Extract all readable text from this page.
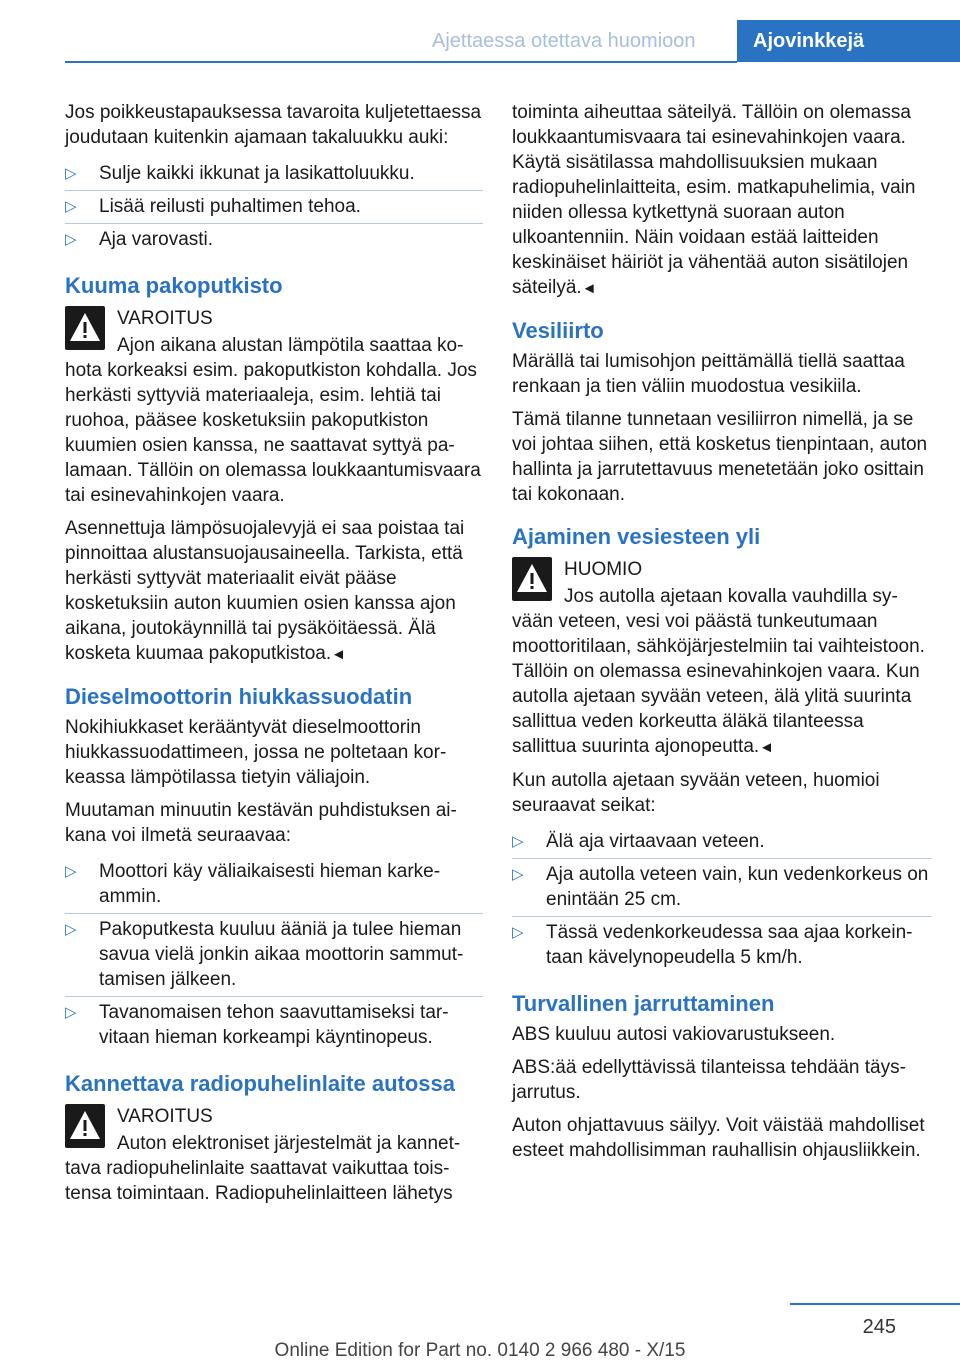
Ajettaessa otettava huomioon	Ajovinkkejä

Jos poikkeustapauksessa tavaroita kuljetettaessa joudutaan kuitenkin ajamaan takaluukku auki:

▷ Sulje kaikki ikkunat ja lasikattoluukku.
▷ Lisää reilusti puhaltimen tehoa.
▷ Aja varovasti.
Kuuma pakoputkisto
VAROITUS

Ajon aikana alustan lämpötila saattaa kohota korkeaksi esim. pakoputkiston kohdalla. Jos herkästi syttyviä materiaaleja, esim. lehtiä tai ruohoa, pääsee kosketuksiin pakoputkiston kuumien osien kanssa, ne saattavat syttyä palamaan. Tällöin on olemassa loukkaantumisvaara tai esinevahinkojen vaara.

Asennettuja lämpösuojalevyjä ei saa poistaa tai pinnoittaa alustansuojausaineella. Tarkista, että herkästi syttyvät materiaalit eivät pääse kosketuksiin auton kuumien osien kanssa ajon aikana, joutokäynnillä tai pysäköitäessä. Älä kosketa kuumaa pakoputkistoa.◄

Dieselmoottorin hiukkassuodatin

Nokihiukkaset kerääntyvät dieselmoottorin hiukkassuodattimeen, jossa ne poltetaan korkeassa lämpötilassa tietyin väliajoin.

Muutaman minuutin kestävän puhdistuksen aikana voi ilmetä seuraavaa:

▷ Moottori käy väliaikaisesti hieman karkeammin.
▷ Pakoputkesta kuuluu ääniä ja tulee hieman savua vielä jonkin aikaa moottorin sammuttamisen jälkeen.
▷ Tavanomaisen tehon saavuttamiseksi tarvitaan hieman korkeampi käyntinopeus.
Kannettava radiopuhelinlaite autossa
VAROITUS

Auton elektroniset järjestelmät ja kannettava radiopuhelinlaite saattavat vaikuttaa toistensa toimintaan. Radiopuhelinlaitteen lähetys

toiminta aiheuttaa säteilyä. Tällöin on olemassa loukkaantumisvaara tai esinevahinkojen vaara. Käytä sisätilassa mahdollisuuksien mukaan radiopuhelinlaitteita, esim. matkapuhelimia, vain niiden ollessa kytkettynä suoraan auton ulkoantenniin. Näin voidaan estää laitteiden keskinäiset häiriöt ja vähentää auton sisätilojen säteilyä.◄

Vesiliirto

Märällä tai lumisohjon peittämällä tiellä saattaa renkaan ja tien väliin muodostua vesikiila.

Tämä tilanne tunnetaan vesiliirron nimellä, ja se voi johtaa siihen, että kosketus tienpintaan, auton hallinta ja jarrutettavuus menetetään joko osittain tai kokonaan.

Ajaminen vesiesteen yli
HUOMIO

Jos autolla ajetaan kovalla vauhdilla syvään veteen, vesi voi päästä tunkeutumaan moottoritilaan, sähköjärjestelmiin tai vaihteistoon. Tällöin on olemassa esinevahinkojen vaara. Kun autolla ajetaan syvään veteen, älä ylitä suurinta sallittua veden korkeutta äläkä tilanteessa sallittua suurinta ajonopeutta.◄

Kun autolla ajetaan syvään veteen, huomioi seuraavat seikat:

▷ Älä aja virtaavaan veteen.
▷ Aja autolla veteen vain, kun vedenkorkeus on enintään 25 cm.
▷ Tässä vedenkorkeudessa saa ajaa korkeintaan kävelynopeudella 5 km/h.
Turvallinen jarruttaminen

ABS kuuluu autosi vakiovarustukseen.

ABS:ää edellyttävissä tilanteissa tehdään täysjarrutus.

Auton ohjattavuus säilyy. Voit väistää mahdolliset esteet mahdollisimman rauhallisin ohjausliikkein.

245
Online Edition for Part no. 0140 2 966 480 - X/15
